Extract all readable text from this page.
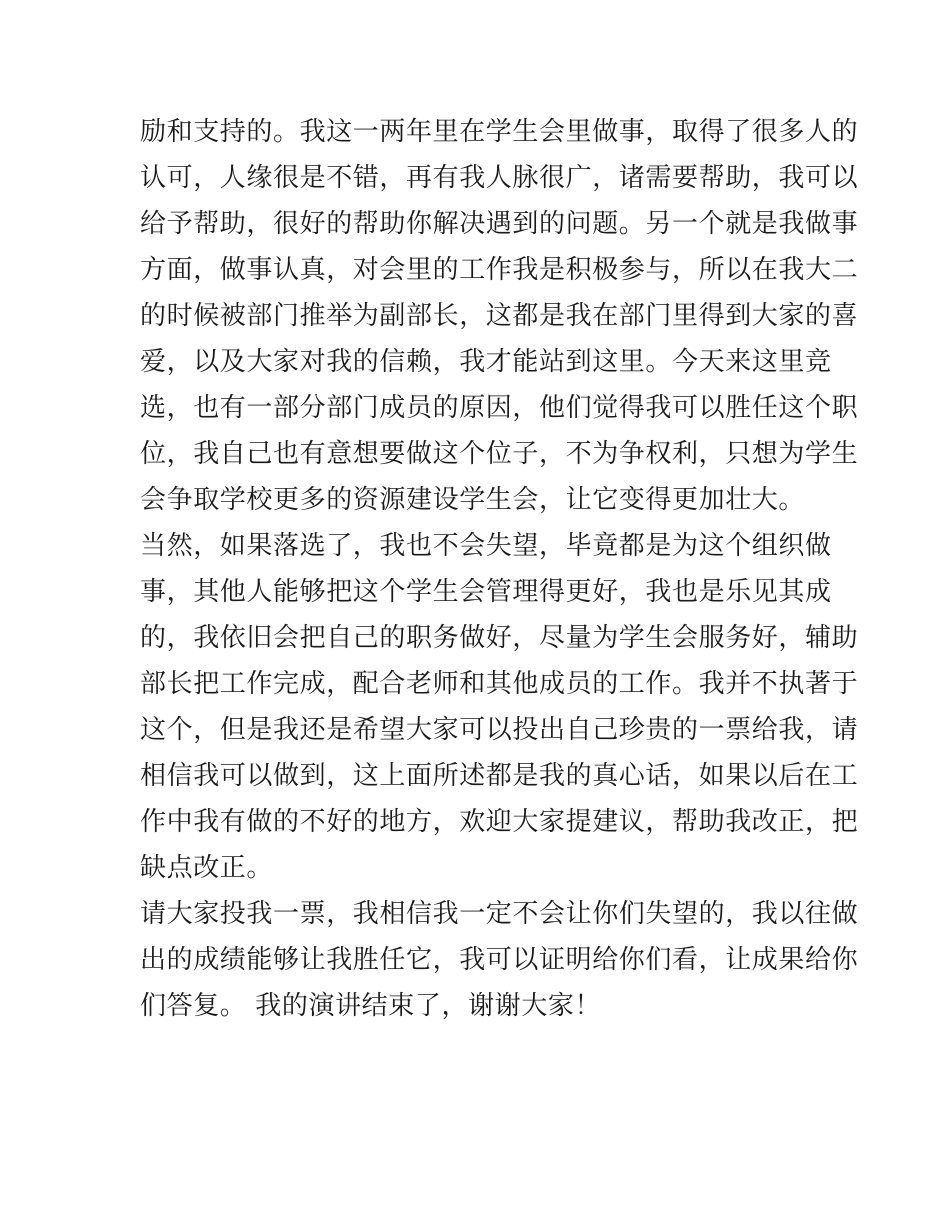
励和支持的。我这一两年里在学生会里做事，取得了很多人的
认可，人缘很是不错，再有我人脉很广，诸需要帮助，我可以
给予帮助，很好的帮助你解决遇到的问题。另一个就是我做事
方面，做事认真，对会里的工作我是积极参与，所以在我大二
的时候被部门推举为副部长，这都是我在部门里得到大家的喜
爱，以及大家对我的信赖，我才能站到这里。今天来这里竞
选，也有一部分部门成员的原因，他们觉得我可以胜任这个职
位，我自己也有意想要做这个位子，不为争权利，只想为学生
会争取学校更多的资源建设学生会，让它变得更加壮大。
当然，如果落选了，我也不会失望，毕竟都是为这个组织做
事，其他人能够把这个学生会管理得更好，我也是乐见其成
的，我依旧会把自己的职务做好，尽量为学生会服务好，辅助
部长把工作完成，配合老师和其他成员的工作。我并不执著于
这个，但是我还是希望大家可以投出自己珍贵的一票给我，请
相信我可以做到，这上面所述都是我的真心话，如果以后在工
作中我有做的不好的地方，欢迎大家提建议，帮助我改正，把
缺点改正。
请大家投我一票，我相信我一定不会让你们失望的，我以往做
出的成绩能够让我胜任它，我可以证明给你们看，让成果给你
们答复。 我的演讲结束了，谢谢大家！
